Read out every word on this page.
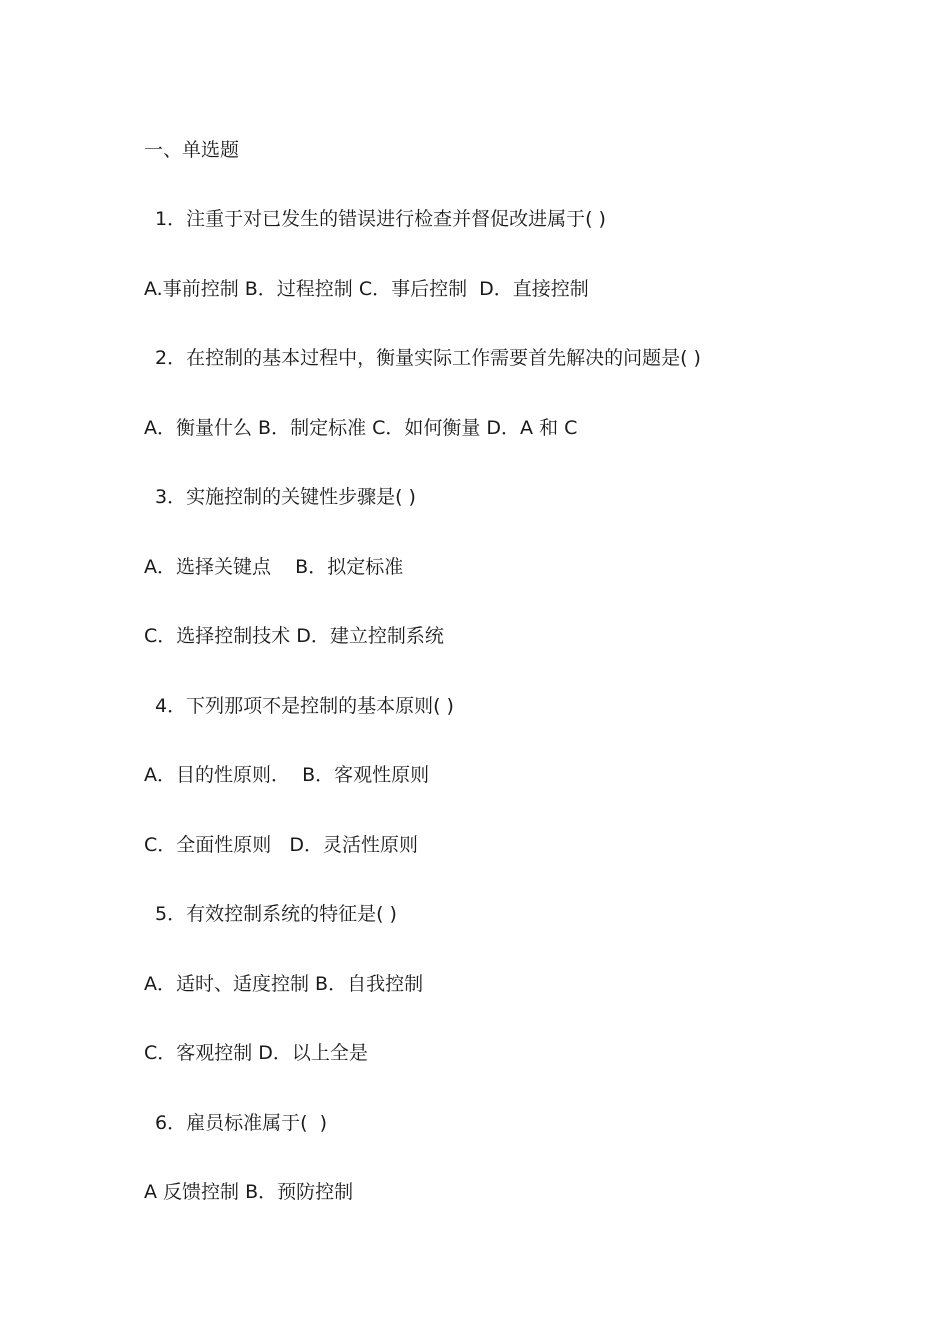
一、单选题
1．注重于对已发生的错误进行检查并督促改进属于( )
A.事前控制 B．过程控制 C．事后控制  D．直接控制
2．在控制的基本过程中，衡量实际工作需要首先解决的问题是( )
A．衡量什么 B．制定标准 C．如何衡量 D．A 和 C
3．实施控制的关键性步骤是( )
A．选择关键点    B．拟定标准
C．选择控制技术 D．建立控制系统
4．下列那项不是控制的基本原则( )
A．目的性原则．  B．客观性原则
C．全面性原则   D．灵活性原则
5．有效控制系统的特征是( )
A．适时、适度控制 B．自我控制
C．客观控制 D．以上全是
6．雇员标准属于(  )
A 反馈控制 B．预防控制
